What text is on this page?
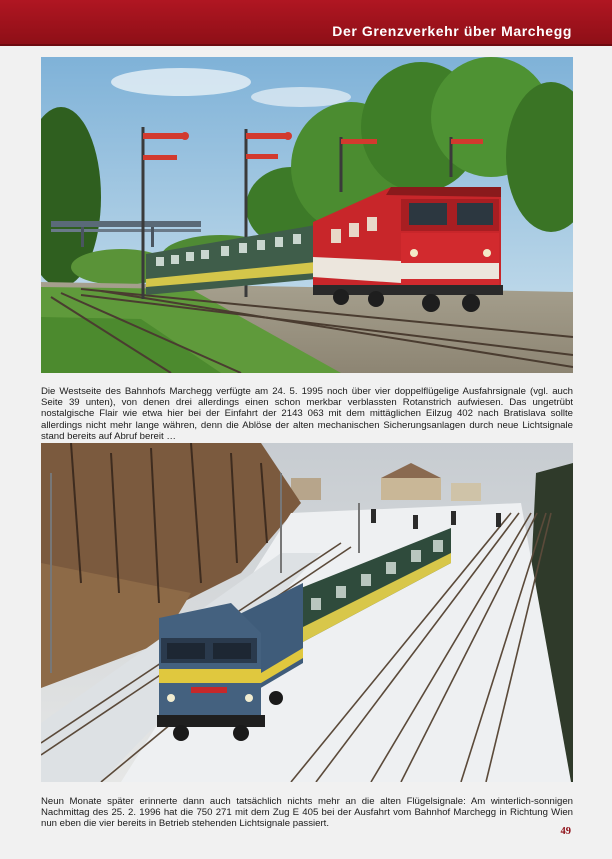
Der Grenzverkehr über Marchegg

Die Westseite des Bahnhofs Marchegg verfügte am 24. 5. 1995 noch über vier doppelflügelige Ausfahrsignale (vgl. auch Seite 39 unten), von denen drei allerdings einen schon merkbar verblassten Rotanstrich aufwiesen. Das ungetrübt nostalgische Flair wie etwa hier bei der Einfahrt der 2143 063 mit dem mittäglichen Eilzug 402 nach Bratislava sollte allerdings nicht mehr lange währen, denn die Ablöse der alten mechanischen Sicherungsanlagen durch neue Lichtsignale stand bereits auf Abruf bereit …

Neun Monate später erinnerte dann auch tatsächlich nichts mehr an die alten Flügelsignale: Am winterlich-sonnigen Nachmittag des 25. 2. 1996 hat die 750 271 mit dem Zug E 405 bei der Ausfahrt vom Bahnhof Marchegg in Richtung Wien nun eben die vier bereits in Betrieb stehenden Lichtsignale passiert.

49
